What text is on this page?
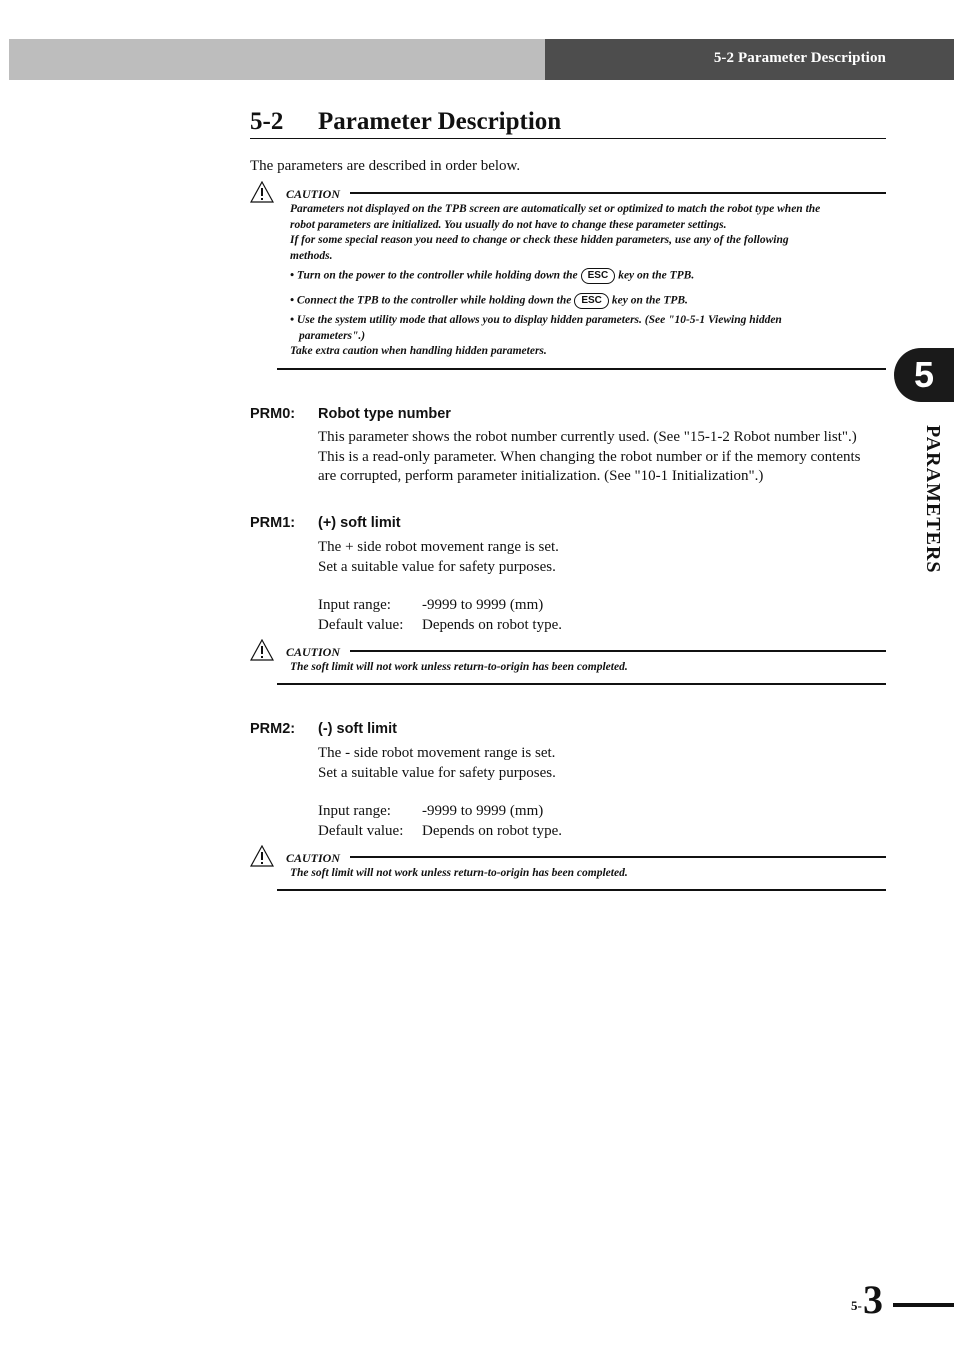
5-2 Parameter Description
5
PARAMETERS
5-2 Parameter Description
The parameters are described in order below.
CAUTION
Parameters not displayed on the TPB screen are automatically set or optimized to match the robot type when the
robot parameters are initialized. You usually do not have to change these parameter settings.
If for some special reason you need to change or check these hidden parameters, use any of the following
methods.
• Turn on the power to the controller while holding down the ESC key on the TPB.
• Connect the TPB to the controller while holding down the ESC key on the TPB.
• Use the system utility mode that allows you to display hidden parameters. (See "10-5-1 Viewing hidden
parameters".)
Take extra caution when handling hidden parameters.
PRM0: Robot type number
This parameter shows the robot number currently used. (See "15-1-2 Robot number list".)
This is a read-only parameter. When changing the robot number or if the memory contents
are corrupted, perform parameter initialization. (See "10-1 Initialization".)
PRM1: (+) soft limit
The + side robot movement range is set.
Set a suitable value for safety purposes.
Input range: -9999 to 9999 (mm)
Default value: Depends on robot type.
CAUTION
The soft limit will not work unless return-to-origin has been completed.
PRM2: (-) soft limit
The - side robot movement range is set.
Set a suitable value for safety purposes.
Input range: -9999 to 9999 (mm)
Default value: Depends on robot type.
CAUTION
The soft limit will not work unless return-to-origin has been completed.
5- 3
